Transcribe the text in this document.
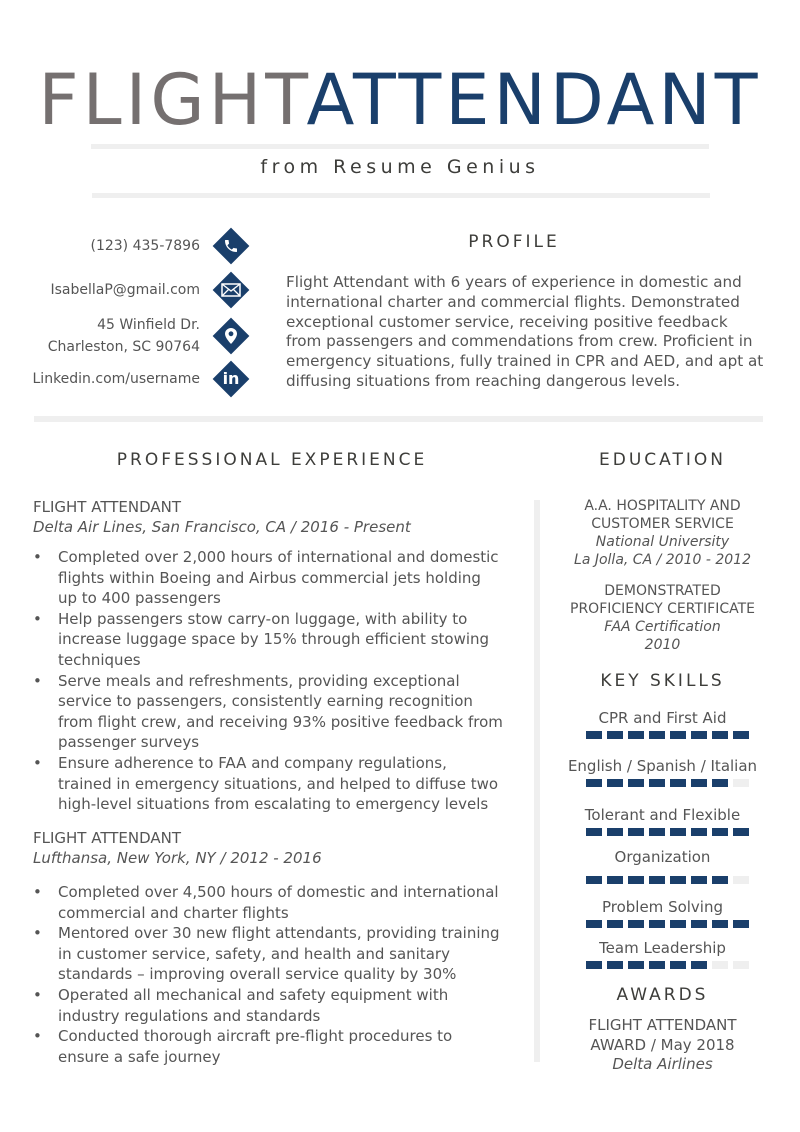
FLIGHTATTENDANT
from Resume Genius
(123) 435-7896
IsabellaP@gmail.com
45 Winfield Dr.
Charleston, SC 90764
Linkedin.com/username in
PROFILE
Flight Attendant with 6 years of experience in domestic and international charter and commercial flights. Demonstrated exceptional customer service, receiving positive feedback from passengers and commendations from crew. Proficient in emergency situations, fully trained in CPR and AED, and apt at diffusing situations from reaching dangerous levels.
PROFESSIONAL EXPERIENCE
FLIGHT ATTENDANT
Delta Air Lines, San Francisco, CA / 2016 - Present
• Completed over 2,000 hours of international and domestic flights within Boeing and Airbus commercial jets holding up to 400 passengers
• Help passengers stow carry-on luggage, with ability to increase luggage space by 15% through efficient stowing techniques
• Serve meals and refreshments, providing exceptional service to passengers, consistently earning recognition from flight crew, and receiving 93% positive feedback from passenger surveys
• Ensure adherence to FAA and company regulations, trained in emergency situations, and helped to diffuse two high-level situations from escalating to emergency levels
FLIGHT ATTENDANT
Lufthansa, New York, NY / 2012 - 2016
• Completed over 4,500 hours of domestic and international commercial and charter flights
• Mentored over 30 new flight attendants, providing training in customer service, safety, and health and sanitary standards – improving overall service quality by 30%
• Operated all mechanical and safety equipment with industry regulations and standards
• Conducted thorough aircraft pre-flight procedures to ensure a safe journey
EDUCATION
A.A. HOSPITALITY AND
CUSTOMER SERVICE
National University
La Jolla, CA / 2010 - 2012
DEMONSTRATED
PROFICIENCY CERTIFICATE
FAA Certification
2010
KEY SKILLS
CPR and First Aid
English / Spanish / Italian
Tolerant and Flexible
Organization
Problem Solving
Team Leadership
AWARDS
FLIGHT ATTENDANT
AWARD / May 2018
Delta Airlines
